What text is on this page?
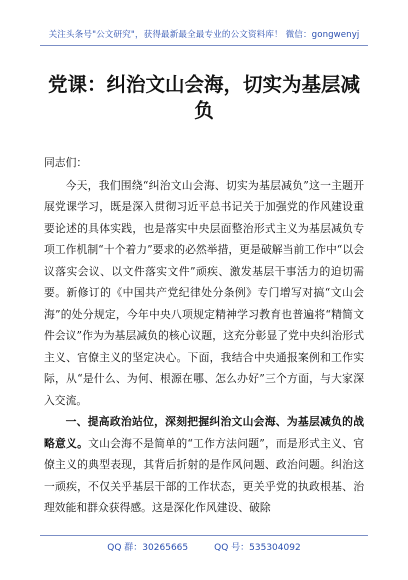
关注头条号"公文研究"，获得最新最全最专业的公文资料库！ 微信：gongwenyj
党课：纠治文山会海，切实为基层减负

同志们：

今天，我们围绕“纠治文山会海、切实为基层减负”这一主题开展党课学习，既是深入贯彻习近平总书记关于加强党的作风建设重要论述的具体实践，也是落实中央层面整治形式主义为基层减负专项工作机制“十个着力”要求的必然举措，更是破解当前工作中“以会议落实会议、以文件落实文件”顽疾、激发基层干事活力的迫切需要。新修订的《中国共产党纪律处分条例》专门增写对搞“文山会海”的处分规定，今年中央八项规定精神学习教育也普遍将“精简文件会议”作为为基层减负的核心议题，这充分彰显了党中央纠治形式主义、官僚主义的坚定决心。下面，我结合中央通报案例和工作实际，从“是什么、为何、根源在哪、怎么办好”三个方面，与大家深入交流。

一、提高政治站位，深刻把握纠治文山会海、为基层减负的战略意义。文山会海不是简单的“工作方法问题”，而是形式主义、官僚主义的典型表现，其背后折射的是作风问题、政治问题。纠治这一顽疾，不仅关乎基层干部的工作状态，更关乎党的执政根基、治理效能和群众获得感。这是深化作风建设、破除

QQ 群：30265665	QQ 号：535304092
